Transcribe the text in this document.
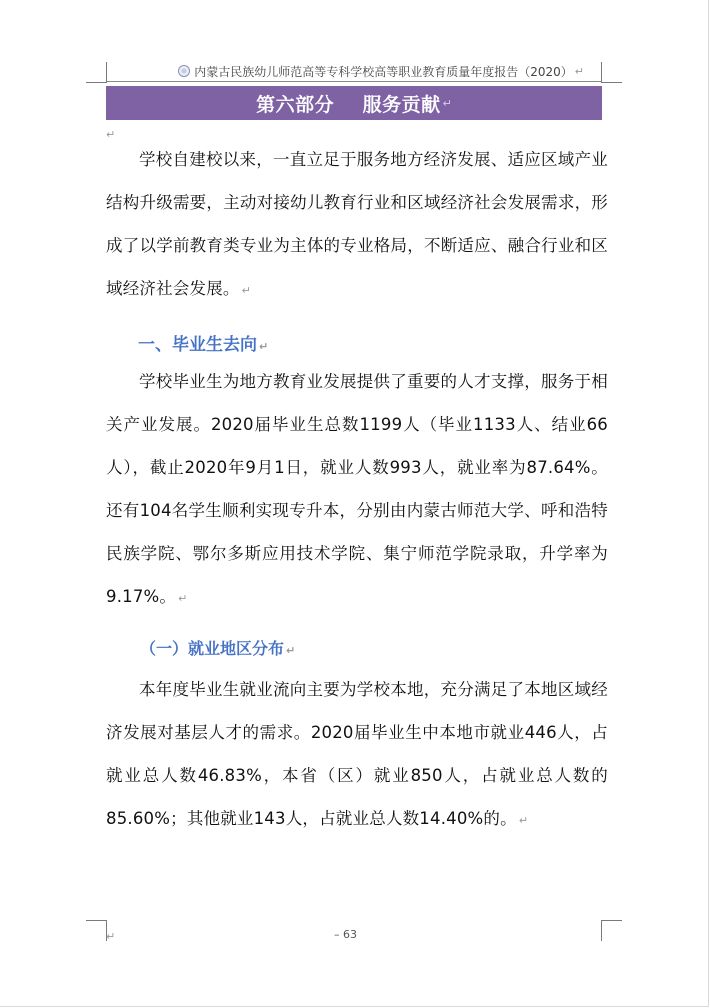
内蒙古民族幼儿师范高等专科学校高等职业教育质量年度报告（2020） ↵
第六部分    服务贡献 ↵
↵
学校自建校以来，一直立足于服务地方经济发展、适应区域产业结构升级需要，主动对接幼儿教育行业和区域经济社会发展需求，形成了以学前教育类专业为主体的专业格局，不断适应、融合行业和区域经济社会发展。 ↵
一、毕业生去向 ↵
学校毕业生为地方教育业发展提供了重要的人才支撑，服务于相关产业发展。2020届毕业生总数1199人（毕业1133人、结业66人），截止2020年9月1日，就业人数993人，就业率为87.64%。还有104名学生顺利实现专升本，分别由内蒙古师范大学、呼和浩特民族学院、鄂尔多斯应用技术学院、集宁师范学院录取，升学率为9.17%。 ↵
（一）就业地区分布 ↵
本年度毕业生就业流向主要为学校本地，充分满足了本地区域经济发展对基层人才的需求。2020届毕业生中本地市就业446人，占就业总人数46.83%，本省（区）就业850人，占就业总人数的85.60%；其他就业143人，占就业总人数14.40%的。 ↵
↵	– 63
